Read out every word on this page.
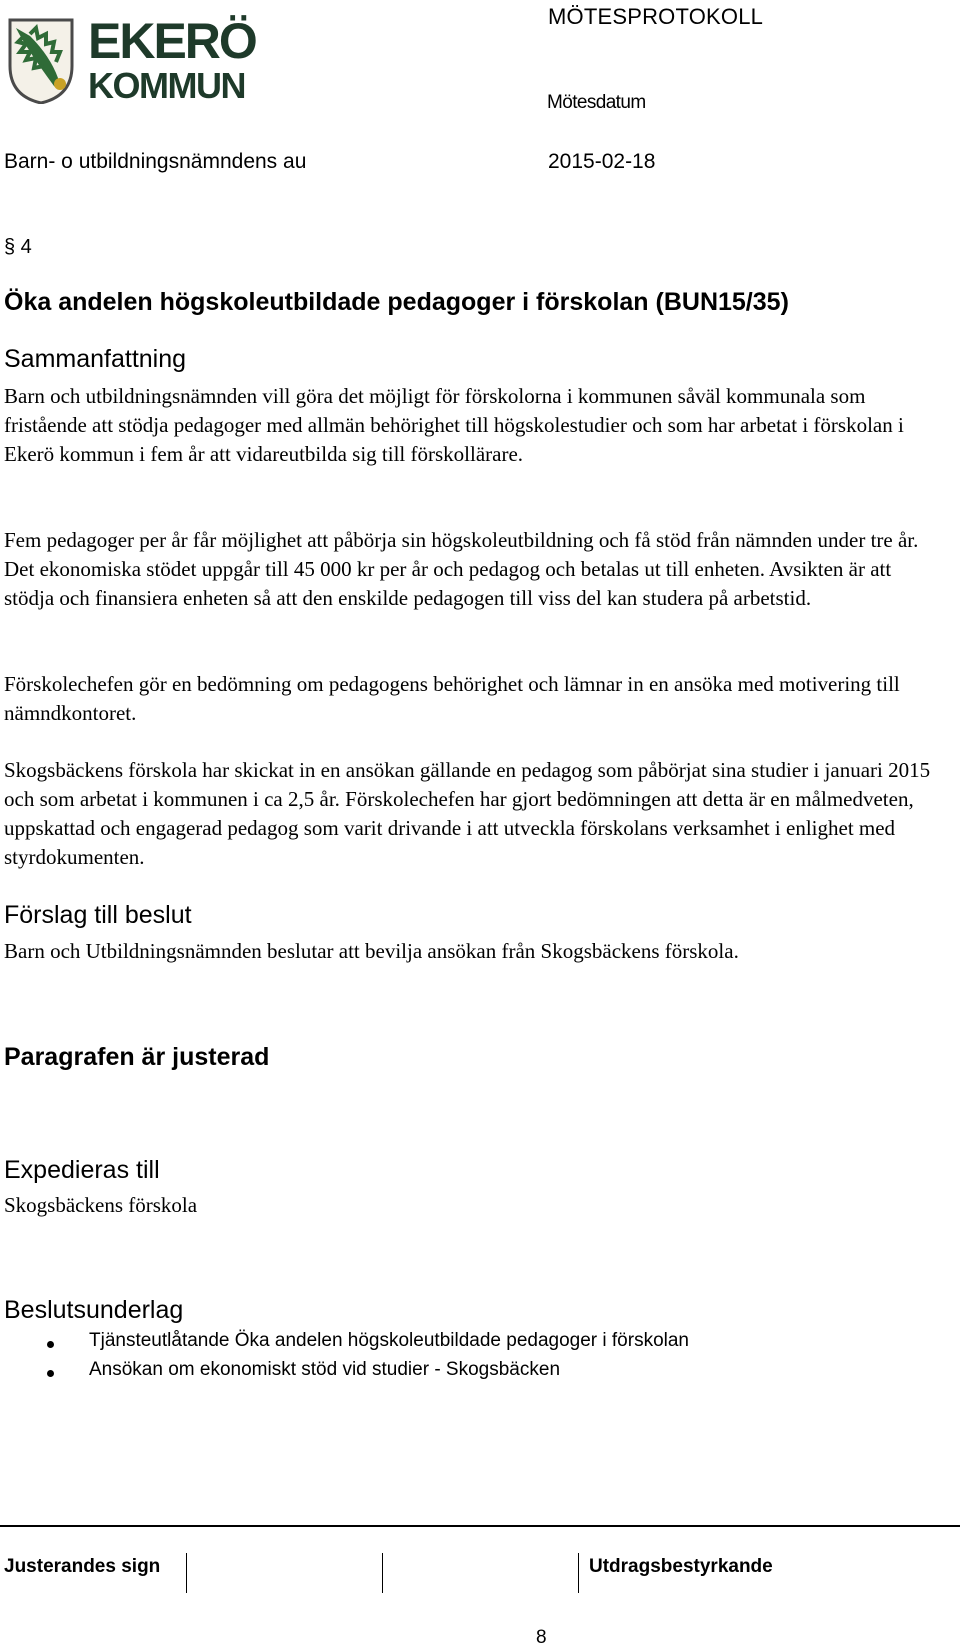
EKERÖ
KOMMUN
MÖTESPROTOKOLL
Mötesdatum
Barn- o utbildningsnämndens au	2015-02-18
§ 4
Öka andelen högskoleutbildade pedagoger i förskolan (BUN15/35)
Sammanfattning

Barn och utbildningsnämnden vill göra det möjligt för förskolorna i kommunen såväl kommunala som fristående att stödja pedagoger med allmän behörighet till högskolestudier och som har arbetat i förskolan i Ekerö kommun i fem år att vidareutbilda sig till förskollärare.

Fem pedagoger per år får möjlighet att påbörja sin högskoleutbildning och få stöd från nämnden under tre år. Det ekonomiska stödet uppgår till 45 000 kr per år och pedagog och betalas ut till enheten. Avsikten är att stödja och finansiera enheten så att den enskilde pedagogen till viss del kan studera på arbetstid.

Förskolechefen gör en bedömning om pedagogens behörighet och lämnar in en ansöka med motivering till nämndkontoret.

Skogsbäckens förskola har skickat in en ansökan gällande en pedagog som påbörjat sina studier i januari 2015 och som arbetat i kommunen i ca 2,5 år. Förskolechefen har gjort bedömningen att detta är en målmedveten, uppskattad och engagerad pedagog som varit drivande i att utveckla förskolans verksamhet i enlighet med styrdokumenten.

Förslag till beslut

Barn och Utbildningsnämnden beslutar att bevilja ansökan från Skogsbäckens förskola.

Paragrafen är justerad
Expedieras till

Skogsbäckens förskola

Beslutsunderlag
Tjänsteutlåtande Öka andelen högskoleutbildade pedagoger i förskolan
Ansökan om ekonomiskt stöd vid studier - Skogsbäcken
Justerandes sign	Utdragsbestyrkande
8
